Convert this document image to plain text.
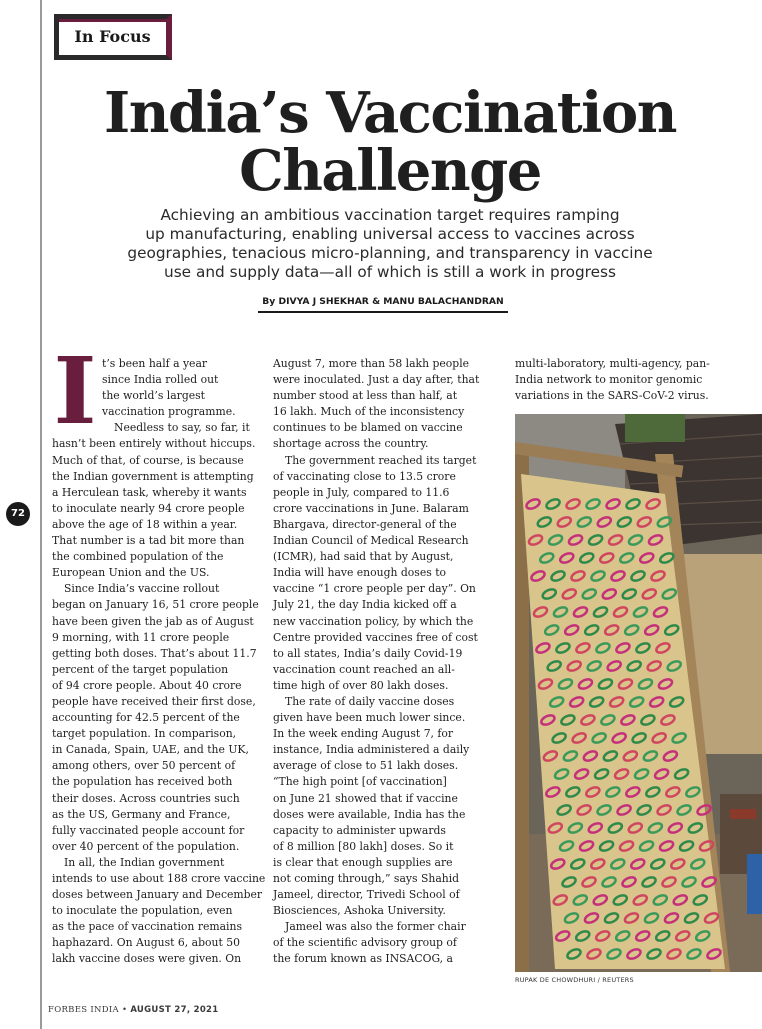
In Focus
India’s Vaccination
Challenge
Achieving an ambitious vaccination target requires ramping
up manufacturing, enabling universal access to vaccines across
geographies, tenacious micro-planning, and transparency in vaccine
use and supply data—all of which is still a work in progress
By DIVYA J SHEKHAR & MANU BALACHANDRAN
I
72
t’s been half a year
since India rolled out
the world’s largest
vaccination programme.
Needless to say, so far, it
hasn’t been entirely without hiccups.
Much of that, of course, is because
the Indian government is attempting
a Herculean task, whereby it wants
to inoculate nearly 94 crore people
above the age of 18 within a year.
That number is a tad bit more than
the combined population of the
European Union and the US.
Since India’s vaccine rollout
began on January 16, 51 crore people
have been given the jab as of August
9 morning, with 11 crore people
getting both doses. That’s about 11.7
percent of the target population
of 94 crore people. About 40 crore
people have received their first dose,
accounting for 42.5 percent of the
target population. In comparison,
in Canada, Spain, UAE, and the UK,
among others, over 50 percent of
the population has received both
their doses. Across countries such
as the US, Germany and France,
fully vaccinated people account for
over 40 percent of the population.
In all, the Indian government
intends to use about 188 crore vaccine
doses between January and December
to inoculate the population, even
as the pace of vaccination remains
haphazard. On August 6, about 50
lakh vaccine doses were given. On
August 7, more than 58 lakh people
were inoculated. Just a day after, that
number stood at less than half, at
16 lakh. Much of the inconsistency
continues to be blamed on vaccine
shortage across the country.
The government reached its target
of vaccinating close to 13.5 crore
people in July, compared to 11.6
crore vaccinations in June. Balaram
Bhargava, director-general of the
Indian Council of Medical Research
(ICMR), had said that by August,
India will have enough doses to
vaccine “1 crore people per day”. On
July 21, the day India kicked off a
new vaccination policy, by which the
Centre provided vaccines free of cost
to all states, India’s daily Covid-19
vaccination count reached an all-
time high of over 80 lakh doses.
The rate of daily vaccine doses
given have been much lower since.
In the week ending August 7, for
instance, India administered a daily
average of close to 51 lakh doses.
“The high point [of vaccination]
on June 21 showed that if vaccine
doses were available, India has the
capacity to administer upwards
of 8 million [80 lakh] doses. So it
is clear that enough supplies are
not coming through,” says Shahid
Jameel, director, Trivedi School of
Biosciences, Ashoka University.
Jameel was also the former chair
of the scientific advisory group of
the forum known as INSACOG, a
multi-laboratory, multi-agency, pan-
India network to monitor genomic
variations in the SARS-CoV-2 virus.
RUPAK DE CHOWDHURI / REUTERS
FORBES INDIA • AUGUST 27, 2021
